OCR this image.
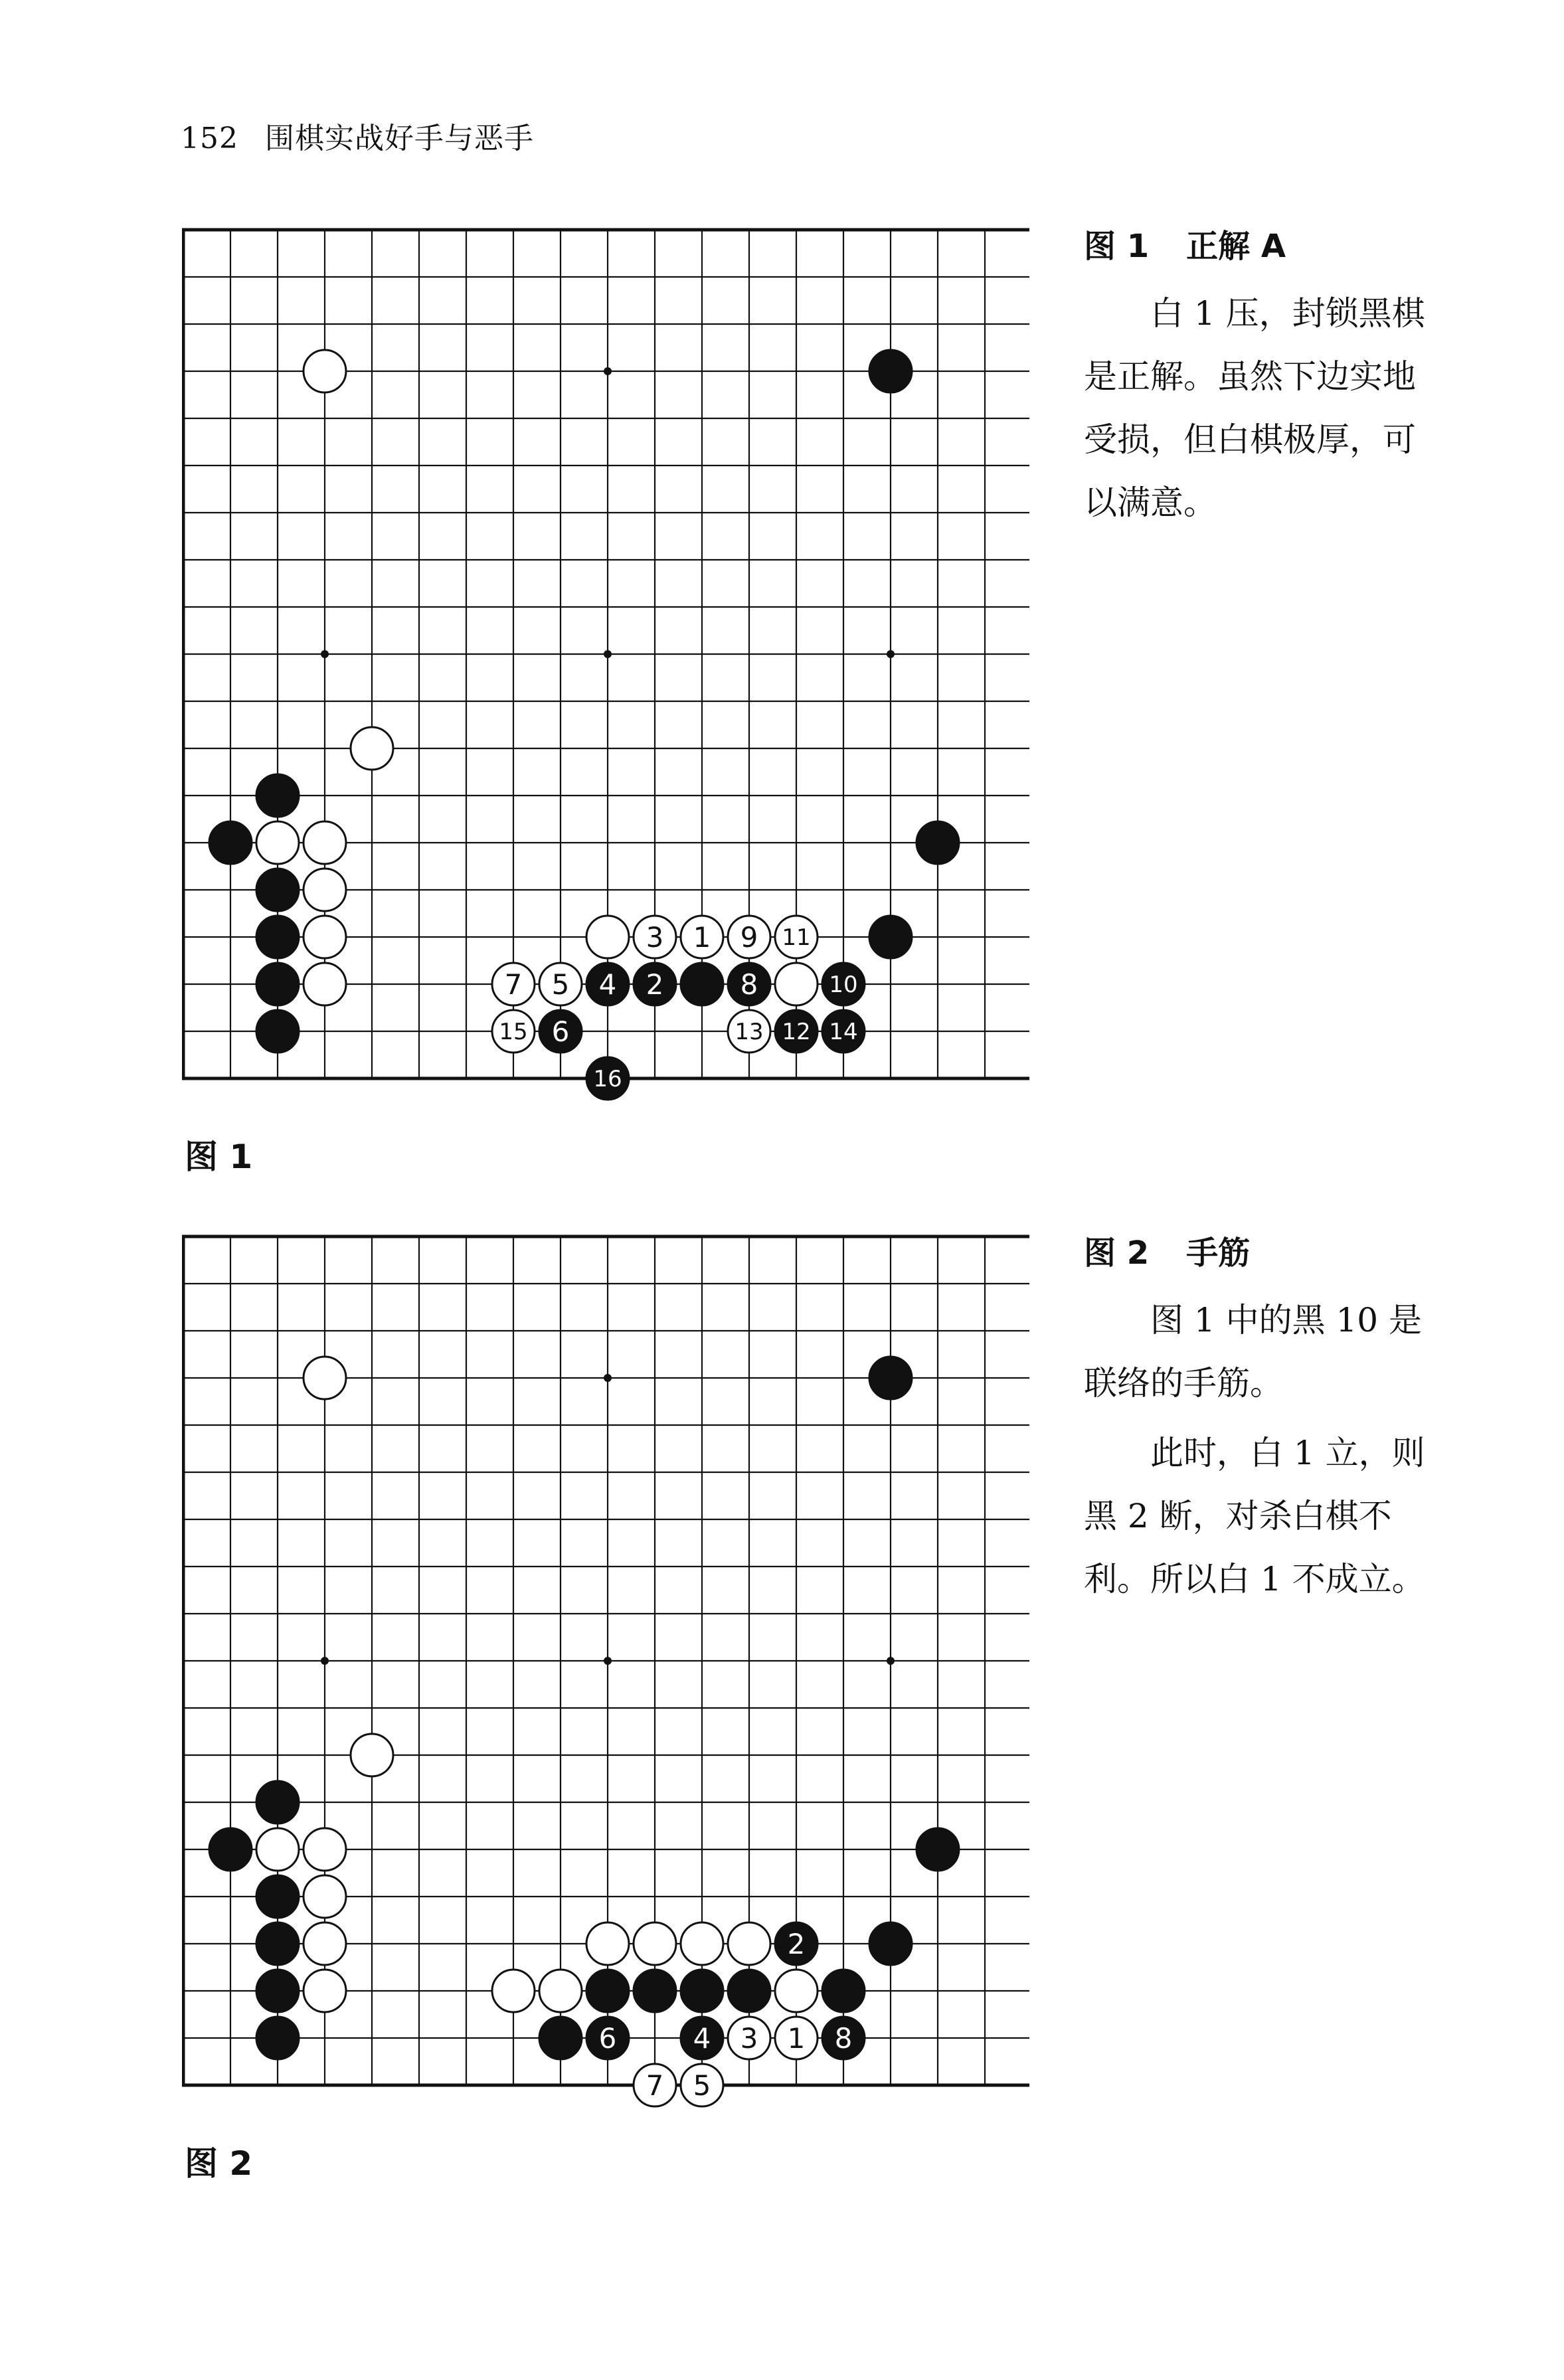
152 围棋实战好手与恶手
3 1 9 11
7 5 4 2	8	10
15 6	13 12 14
16
图 1
图 1 正解 A

白 1 压，封锁黑棋是正解。虽然下边实地受损，但白棋极厚，可以满意。

2
6	4 3 1 8
7 5
图 2
图 2 手筋

图 1 中的黑 10 是联络的手筋。

此时，白 1 立，则黑 2 断，对杀白棋不利。所以白 1 不成立。
